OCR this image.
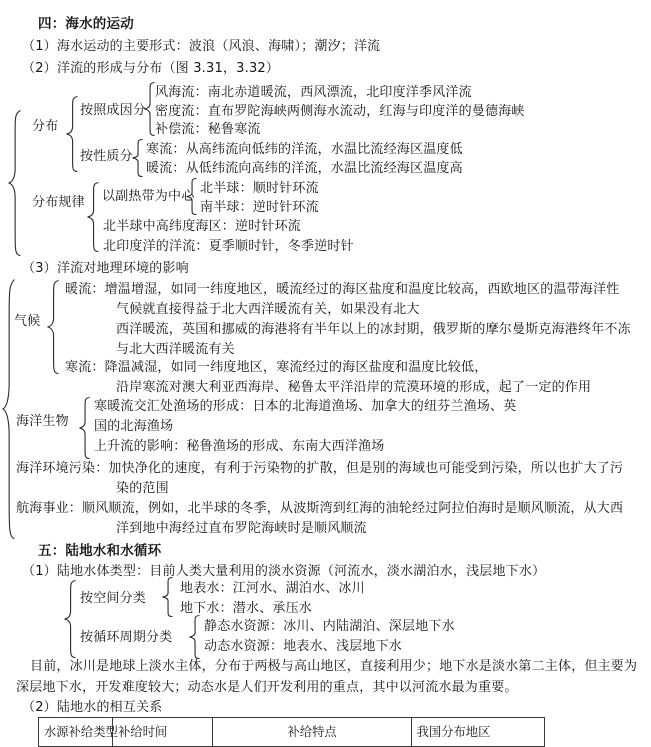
四：海水的运动
（1）海水运动的主要形式：波浪（风浪、海啸）；潮汐；洋流
（2）洋流的形成与分布（图 3.31，3.32）
分布
按照成因分
风海流：南北赤道暖流，西风漂流，北印度洋季风洋流
密度流：直布罗陀海峡两侧海水流动，红海与印度洋的曼德海峡
补偿流：秘鲁寒流
按性质分 寒流：从高纬流向低纬的洋流，水温比流经海区温度低
暖流：从低纬流向高纬的洋流，水温比流经海区温度高
分布规律 以副热带为中心
北半球：顺时针环流
南半球：逆时针环流
北半球中高纬度海区：逆时针环流
北印度洋的洋流：夏季顺时针，冬季逆时针
（3）洋流对地理环境的影响
气候
暖流：增温增湿，如同一纬度地区，暖流经过的海区盐度和温度比较高，西欧地区的温带海洋性
气候就直接得益于北大西洋暖流有关，如果没有北大
西洋暖流，英国和挪威的海港将有半年以上的冰封期，俄罗斯的摩尔曼斯克海港终年不冻
与北大西洋暖流有关
寒流：降温减湿，如同一纬度地区，寒流经过的海区盐度和温度比较低，
沿岸寒流对澳大利亚西海岸、秘鲁太平洋沿岸的荒漠环境的形成，起了一定的作用
海洋生物
寒暖流交汇处渔场的形成：日本的北海道渔场、加拿大的纽芬兰渔场、英
国的北海渔场
上升流的影响：秘鲁渔场的形成、东南大西洋渔场
海洋环境污染：加快净化的速度，有利于污染物的扩散，但是别的海域也可能受到污染，所以也扩大了污
染的范围
航海事业：顺风顺流，例如，北半球的冬季，从波斯湾到红海的油轮经过阿拉伯海时是顺风顺流，从大西
洋到地中海经过直布罗陀海峡时是顺风顺流
五：陆地水和水循环
（1）陆地水体类型：目前人类大量利用的淡水资源（河流水，淡水湖泊水，浅层地下水）
按空间分类
地表水：江河水、湖泊水、冰川
地下水：潜水、承压水
按循环周期分类
静态水资源：冰川、内陆湖泊、深层地下水
动态水资源：地表水、浅层地下水
目前，冰川是地球上淡水主体，分布于两极与高山地区，直接利用少；地下水是淡水第二主体，但主要为
深层地下水，开发难度较大；动态水是人们开发利用的重点，其中以河流水最为重要。
（2）陆地水的相互关系
水源补给类型 补给时间	补给特点	我国分布地区
